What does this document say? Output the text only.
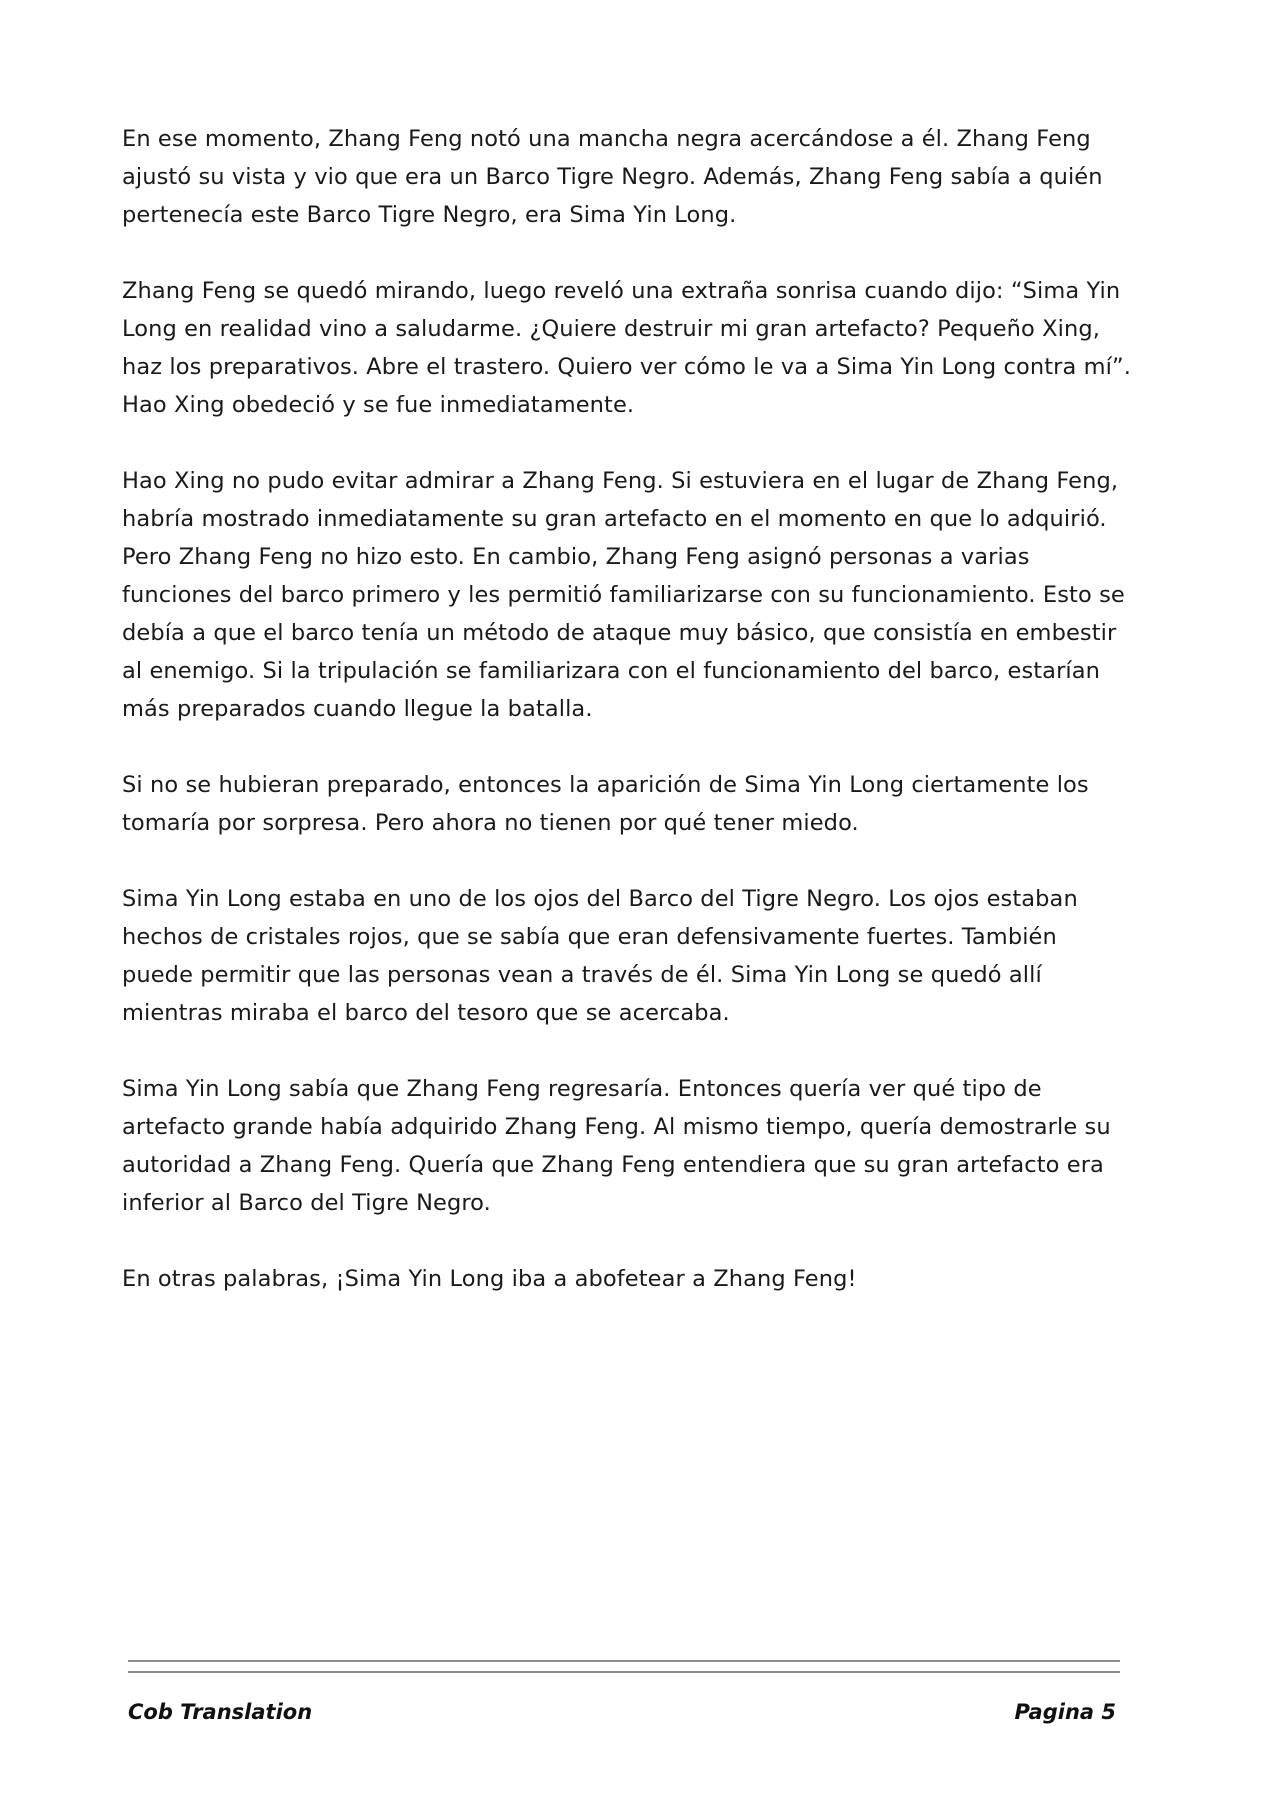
En ese momento, Zhang Feng notó una mancha negra acercándose a él. Zhang Feng ajustó su vista y vio que era un Barco Tigre Negro. Además, Zhang Feng sabía a quién pertenecía este Barco Tigre Negro, era Sima Yin Long.

Zhang Feng se quedó mirando, luego reveló una extraña sonrisa cuando dijo: “Sima Yin Long en realidad vino a saludarme. ¿Quiere destruir mi gran artefacto? Pequeño Xing, haz los preparativos. Abre el trastero. Quiero ver cómo le va a Sima Yin Long contra mí”. Hao Xing obedeció y se fue inmediatamente.

Hao Xing no pudo evitar admirar a Zhang Feng. Si estuviera en el lugar de Zhang Feng, habría mostrado inmediatamente su gran artefacto en el momento en que lo adquirió. Pero Zhang Feng no hizo esto. En cambio, Zhang Feng asignó personas a varias funciones del barco primero y les permitió familiarizarse con su funcionamiento. Esto se debía a que el barco tenía un método de ataque muy básico, que consistía en embestir al enemigo. Si la tripulación se familiarizara con el funcionamiento del barco, estarían más preparados cuando llegue la batalla.

Si no se hubieran preparado, entonces la aparición de Sima Yin Long ciertamente los tomaría por sorpresa. Pero ahora no tienen por qué tener miedo.

Sima Yin Long estaba en uno de los ojos del Barco del Tigre Negro. Los ojos estaban hechos de cristales rojos, que se sabía que eran defensivamente fuertes. También puede permitir que las personas vean a través de él. Sima Yin Long se quedó allí mientras miraba el barco del tesoro que se acercaba.

Sima Yin Long sabía que Zhang Feng regresaría. Entonces quería ver qué tipo de artefacto grande había adquirido Zhang Feng. Al mismo tiempo, quería demostrarle su autoridad a Zhang Feng. Quería que Zhang Feng entendiera que su gran artefacto era inferior al Barco del Tigre Negro.

En otras palabras, ¡Sima Yin Long iba a abofetear a Zhang Feng!

Cob Translation	Pagina 5
